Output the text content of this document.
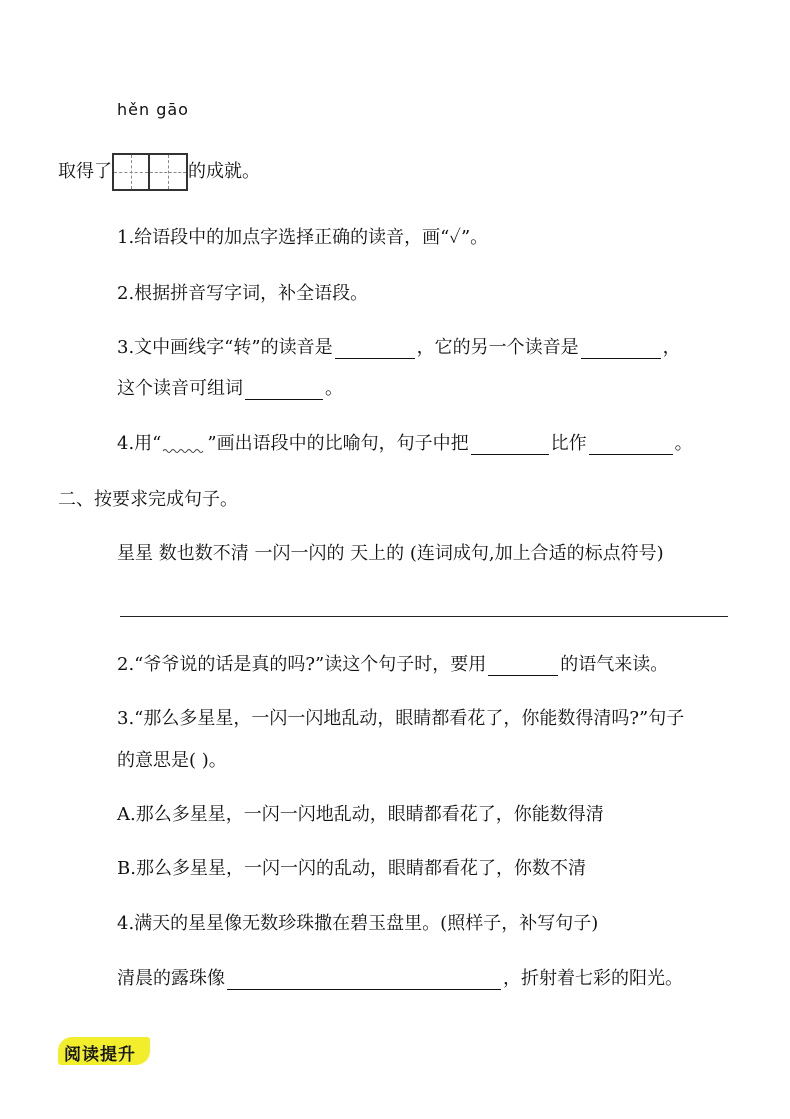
hěn gāo
取得了	的成就。
1.给语段中的加点字选择正确的读音，画“✓”。
2.根据拼音写字词，补全语段。
3.文中画线字“转”的读音是	，它的另一个读音是	，
这个读音可组词	。
4.用“	”画出语段中的比喻句，句子中把	比作	。
二、按要求完成句子。
星星 数也数不清 一闪一闪的 天上的 (连词成句,加上合适的标点符号)
2.“爷爷说的话是真的吗?”读这个句子时，要用	的语气来读。
3.“那么多星星，一闪一闪地乱动，眼睛都看花了，你能数得清吗?”句子
的意思是( )。
A.那么多星星，一闪一闪地乱动，眼睛都看花了，你能数得清
B.那么多星星，一闪一闪的乱动，眼睛都看花了，你数不清
4.满天的星星像无数珍珠撒在碧玉盘里。(照样子，补写句子)
清晨的露珠像	，折射着七彩的阳光。
阅读提升
